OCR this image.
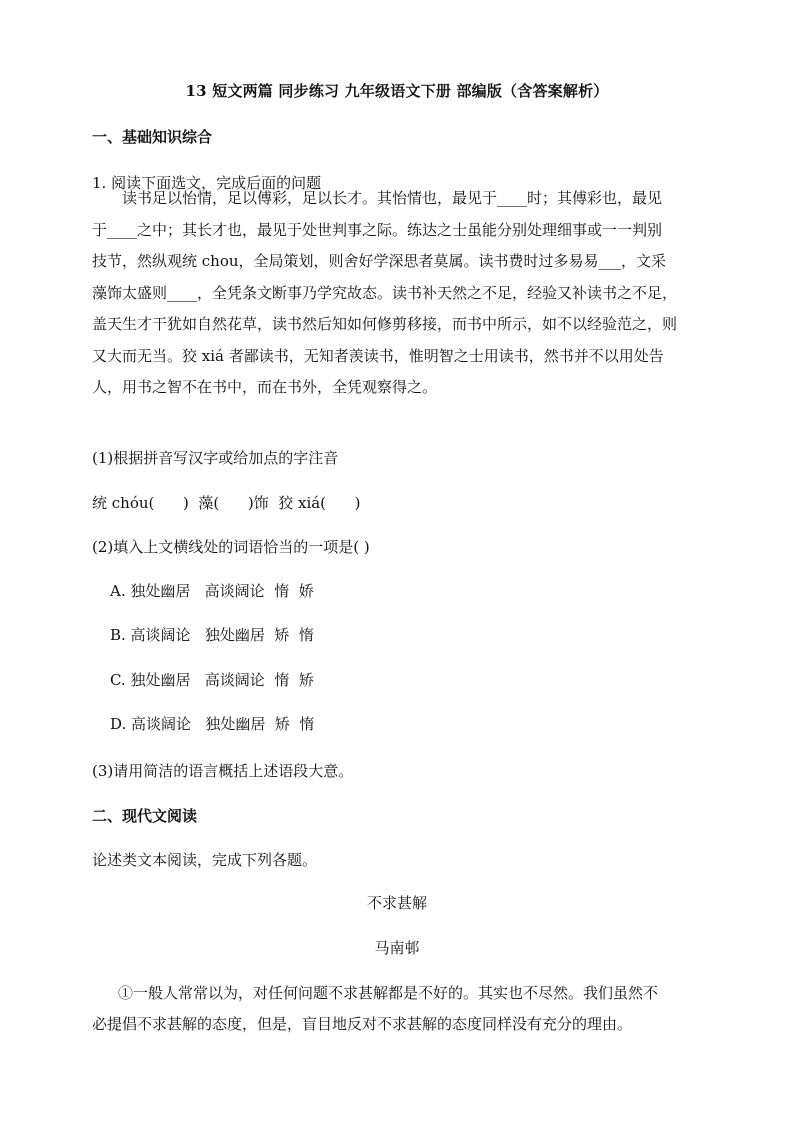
13 短文两篇 同步练习 九年级语文下册 部编版（含答案解析）
一、基础知识综合
1. 阅读下面选文，完成后面的问题
读书足以怡情，足以傅彩，足以长才。其怡情也，最见于____时；其傅彩也，最见
于____之中；其长才也，最见于处世判事之际。练达之士虽能分别处理细事或一一判别
技节，然纵观统 chou，全局策划，则舍好学深思者莫属。读书费时过多易易___，文采
藻饰太盛则____，全凭条文断事乃学究故态。读书补天然之不足，经验又补读书之不足，
盖天生才干犹如自然花草，读书然后知如何修剪移接，而书中所示，如不以经验范之，则
又大而无当。狡 xiá 者鄙读书，无知者羡读书，惟明智之士用读书，然书并不以用处告
人，用书之智不在书中，而在书外，全凭观察得之。
(1)根据拼音写汉字或给加点的字注音
统 chóu(      )  藻(      )饰  狡 xiá(      )
(2)填入上文横线处的词语恰当的一项是( )
A. 独处幽居   高谈阔论  惰  娇
B. 高谈阔论   独处幽居  矫  惰
C. 独处幽居   高谈阔论  惰  矫
D. 高谈阔论   独处幽居  矫  惰
(3)请用简洁的语言概括上述语段大意。
二、现代文阅读
论述类文本阅读，完成下列各题。
不求甚解
马南邨
①一般人常常以为，对任何问题不求甚解都是不好的。其实也不尽然。我们虽然不
必提倡不求甚解的态度，但是，盲目地反对不求甚解的态度同样没有充分的理由。
